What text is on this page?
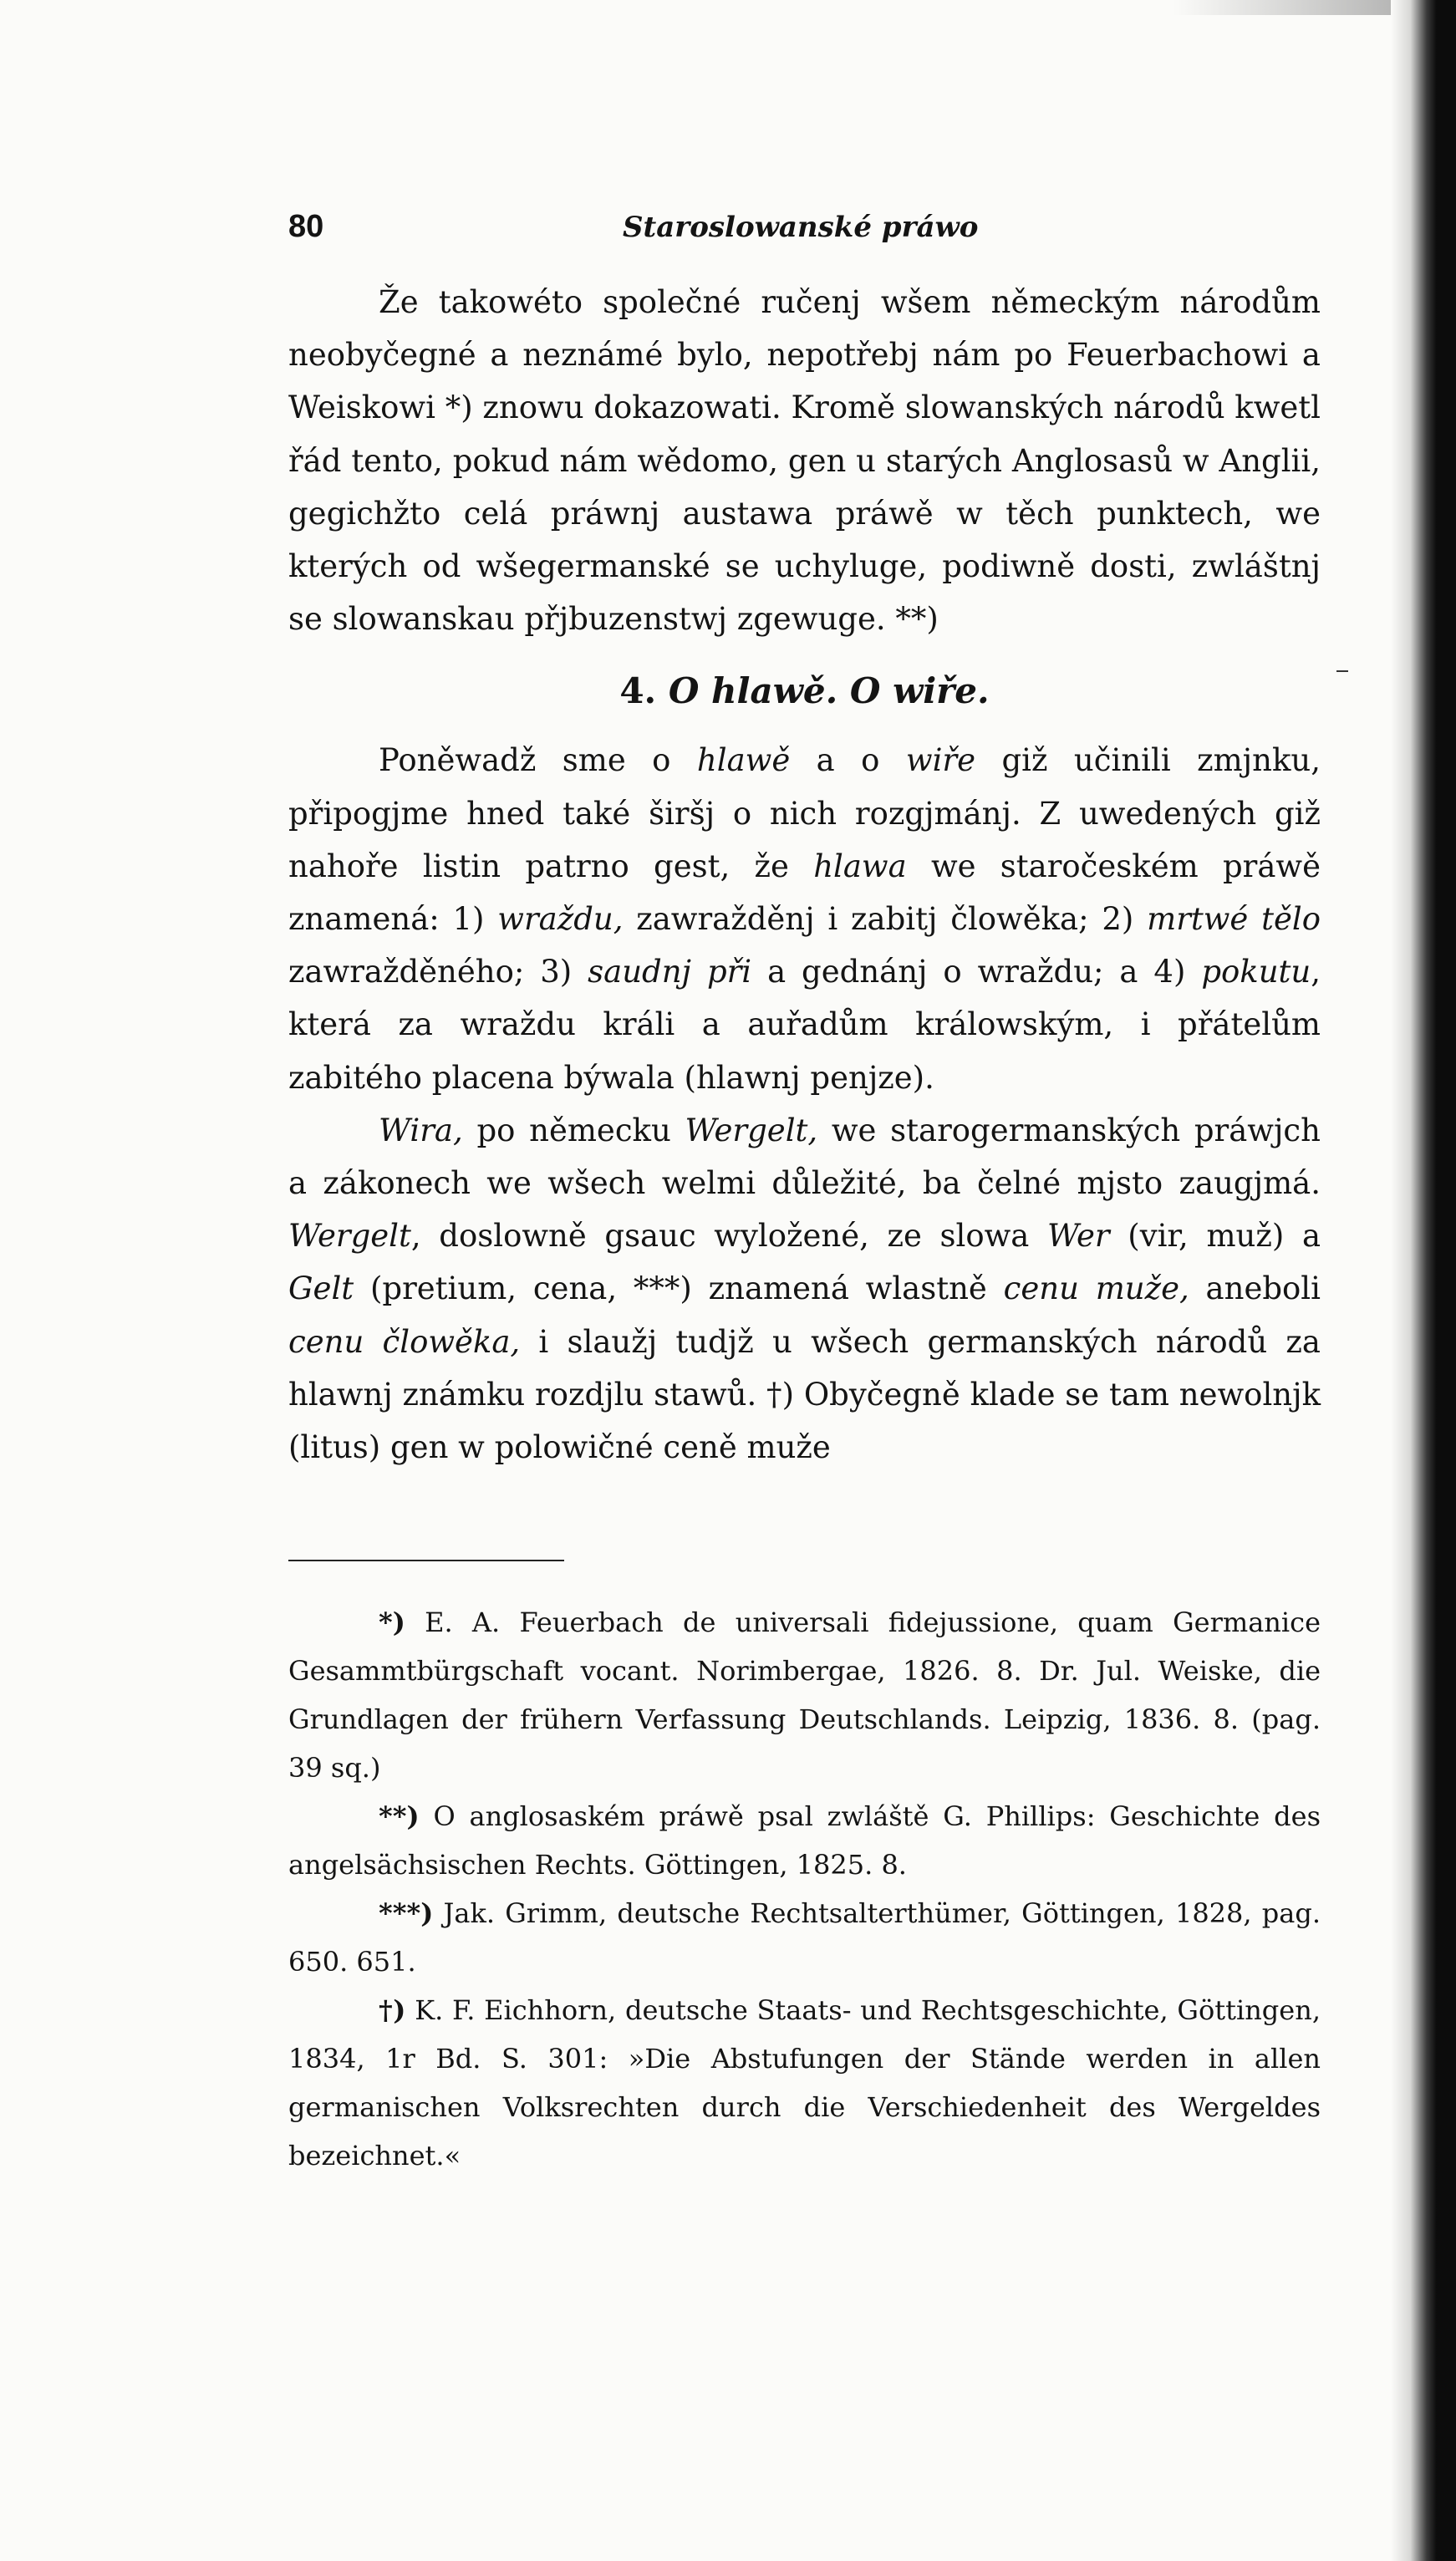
80	Staroslowanské práwo

Že takowéto společné ručenj wšem německým národům neobyčegné a neznámé bylo, nepotřebj nám po Feuerbachowi a Weiskowi *) znowu dokazowati. Kromě slowanských národů kwetl řád tento, pokud nám wědomo, gen u starých Anglosasů w Anglii, gegichžto celá práwnj austawa práwě w těch punktech, we kterých od wšegermanské se uchyluge, podiwně dosti, zwláštnj se slowanskau přjbuzenstwj zgewuge. **)

4. O hlawě. O wiře.

Poněwadž sme o hlawě a o wiře giž učinili zmjnku, připogjme hned také širšj o nich rozgjmánj. Z uwedených giž nahoře listin patrno gest, že hlawa we staročeském práwě znamená: 1) wraždu, zawražděnj i zabitj člowěka; 2) mrtwé tělo zawražděného; 3) saudnj při a gednánj o wraždu; a 4) pokutu, která za wraždu králi a auřadům králowským, i přátelům zabitého placena býwala (hlawnj penjze).

Wira, po německu Wergelt, we starogermanských práwjch a zákonech we wšech welmi důležité, ba čelné mjsto zaugjmá. Wergelt, doslowně gsauc wyložené, ze slowa Wer (vir, muž) a Gelt (pretium, cena, ***) znamená wlastně cenu muže, aneboli cenu člowěka, i slaužj tudjž u wšech germanských národů za hlawnj známku rozdjlu stawů. †) Obyčegně klade se tam newolnjk (litus) gen w polowičné ceně muže

*) E. A. Feuerbach de universali fidejussione, quam Germanice Gesammtbürgschaft vocant. Norimbergae, 1826. 8. Dr. Jul. Weiske, die Grundlagen der frühern Verfassung Deutschlands. Leipzig, 1836. 8. (pag. 39 sq.)

**) O anglosaském práwě psal zwláště G. Phillips: Geschichte des angelsächsischen Rechts. Göttingen, 1825. 8.

***) Jak. Grimm, deutsche Rechtsalterthümer, Göttingen, 1828, pag. 650. 651.

†) K. F. Eichhorn, deutsche Staats- und Rechtsgeschichte, Göttingen, 1834, 1r Bd. S. 301: »Die Abstufungen der Stände werden in allen germanischen Volksrechten durch die Verschiedenheit des Wergeldes bezeichnet.«
